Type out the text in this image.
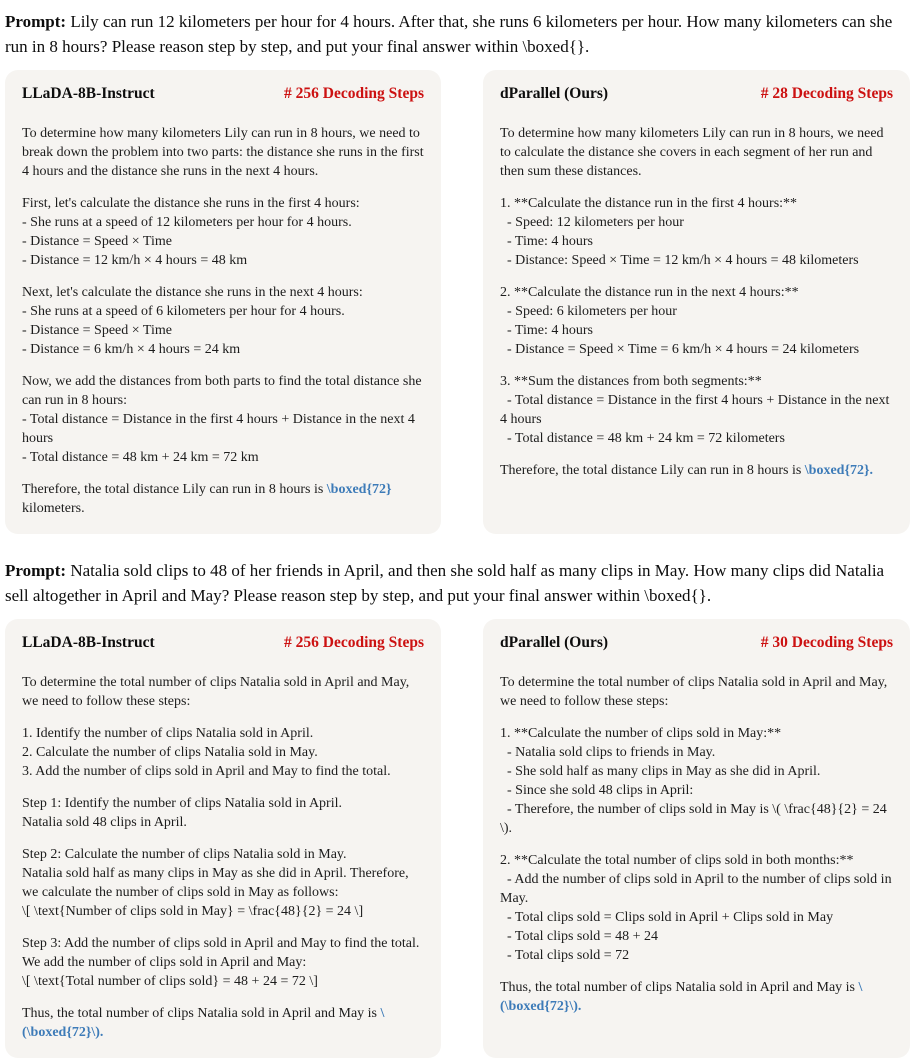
Prompt: Lily can run 12 kilometers per hour for 4 hours. After that, she runs 6 kilometers per hour. How many kilometers can she run in 8 hours? Please reason step by step, and put your final answer within \boxed{}.

LLaDA-8B-Instruct	# 256 Decoding Steps
To determine how many kilometers Lily can run in 8 hours, we need to break down the problem into two parts: the distance she runs in the first 4 hours and the distance she runs in the next 4 hours.
First, let's calculate the distance she runs in the first 4 hours:
- She runs at a speed of 12 kilometers per hour for 4 hours.
- Distance = Speed × Time
- Distance = 12 km/h × 4 hours = 48 km
Next, let's calculate the distance she runs in the next 4 hours:
- She runs at a speed of 6 kilometers per hour for 4 hours.
- Distance = Speed × Time
- Distance = 6 km/h × 4 hours = 24 km
Now, we add the distances from both parts to find the total distance she can run in 8 hours:
- Total distance = Distance in the first 4 hours + Distance in the next 4 hours
- Total distance = 48 km + 24 km = 72 km
Therefore, the total distance Lily can run in 8 hours is \boxed{72} kilometers.
dParallel (Ours)	# 28 Decoding Steps
To determine how many kilometers Lily can run in 8 hours, we need to calculate the distance she covers in each segment of her run and then sum these distances.
1. **Calculate the distance run in the first 4 hours:**
- Speed: 12 kilometers per hour
- Time: 4 hours
- Distance: Speed × Time = 12 km/h × 4 hours = 48 kilometers
2. **Calculate the distance run in the next 4 hours:**
- Speed: 6 kilometers per hour
- Time: 4 hours
- Distance = Speed × Time = 6 km/h × 4 hours = 24 kilometers
3. **Sum the distances from both segments:**
- Total distance = Distance in the first 4 hours + Distance in the next 4 hours
- Total distance = 48 km + 24 km = 72 kilometers
Therefore, the total distance Lily can run in 8 hours is \boxed{72}.

Prompt: Natalia sold clips to 48 of her friends in April, and then she sold half as many clips in May. How many clips did Natalia sell altogether in April and May? Please reason step by step, and put your final answer within \boxed{}.

LLaDA-8B-Instruct	# 256 Decoding Steps
To determine the total number of clips Natalia sold in April and May, we need to follow these steps:
1. Identify the number of clips Natalia sold in April.
2. Calculate the number of clips Natalia sold in May.
3. Add the number of clips sold in April and May to find the total.
Step 1: Identify the number of clips Natalia sold in April.
Natalia sold 48 clips in April.
Step 2: Calculate the number of clips Natalia sold in May.
Natalia sold half as many clips in May as she did in April. Therefore, we calculate the number of clips sold in May as follows:
\[ \text{Number of clips sold in May} = \frac{48}{2} = 24 \]
Step 3: Add the number of clips sold in April and May to find the total.
We add the number of clips sold in April and May:
\[ \text{Total number of clips sold} = 48 + 24 = 72 \]
Thus, the total number of clips Natalia sold in April and May is \(\boxed{72}\).
dParallel (Ours)	# 30 Decoding Steps
To determine the total number of clips Natalia sold in April and May, we need to follow these steps:
1. **Calculate the number of clips sold in May:**
- Natalia sold clips to friends in May.
- She sold half as many clips in May as she did in April.
- Since she sold 48 clips in April:
- Therefore, the number of clips sold in May is \( \frac{48}{2} = 24 \).
2. **Calculate the total number of clips sold in both months:**
- Add the number of clips sold in April to the number of clips sold in May.
- Total clips sold = Clips sold in April + Clips sold in May
- Total clips sold = 48 + 24
- Total clips sold = 72
Thus, the total number of clips Natalia sold in April and May is \(\boxed{72}\).
